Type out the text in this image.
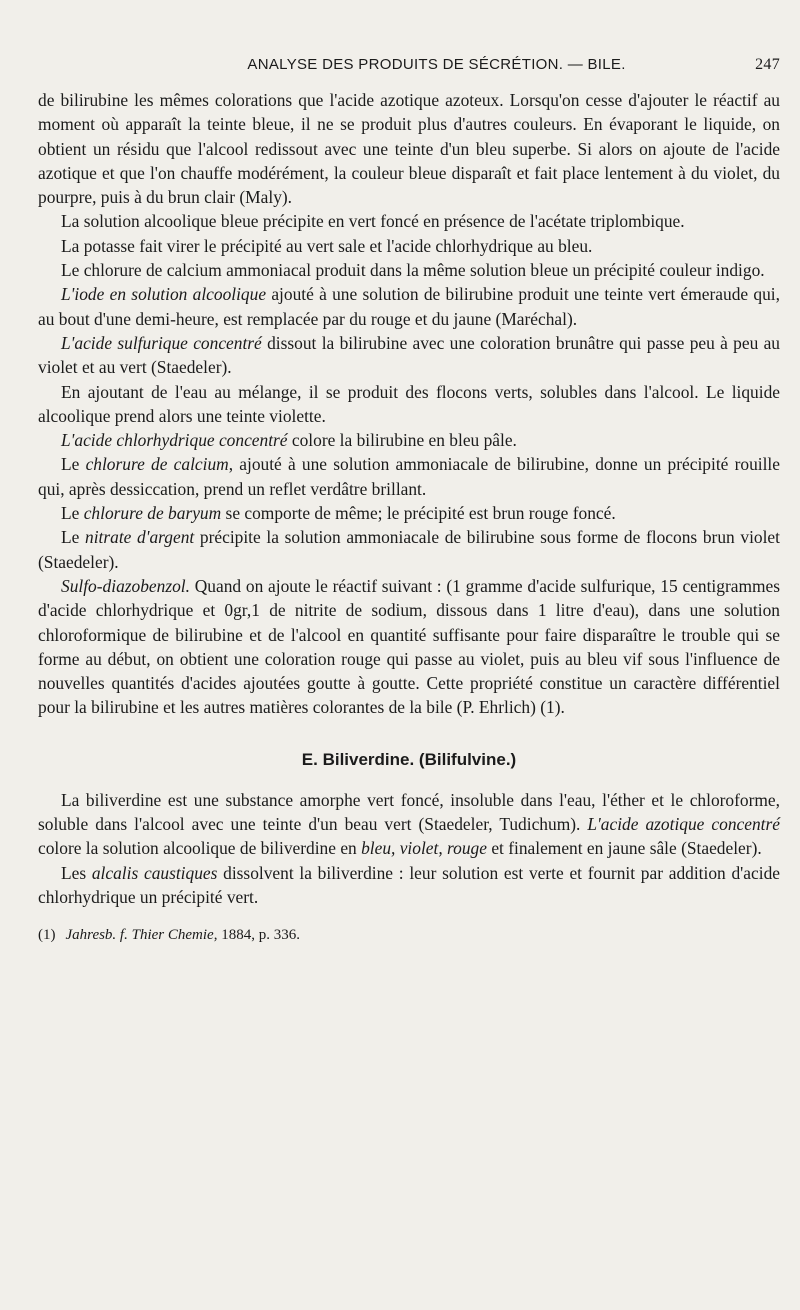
ANALYSE DES PRODUITS DE SÉCRÉTION. — BILE.	247

de bilirubine les mêmes colorations que l'acide azotique azoteux. Lorsqu'on cesse d'ajouter le réactif au moment où apparaît la teinte bleue, il ne se produit plus d'autres couleurs. En évaporant le liquide, on obtient un résidu que l'alcool redissout avec une teinte d'un bleu superbe. Si alors on ajoute de l'acide azotique et que l'on chauffe modérément, la couleur bleue disparaît et fait place lentement à du violet, du pourpre, puis à du brun clair (Maly).

La solution alcoolique bleue précipite en vert foncé en présence de l'acétate triplombique.

La potasse fait virer le précipité au vert sale et l'acide chlorhydrique au bleu.

Le chlorure de calcium ammoniacal produit dans la même solution bleue un précipité couleur indigo.

L'iode en solution alcoolique ajouté à une solution de bilirubine produit une teinte vert émeraude qui, au bout d'une demi-heure, est remplacée par du rouge et du jaune (Maréchal).

L'acide sulfurique concentré dissout la bilirubine avec une coloration brunâtre qui passe peu à peu au violet et au vert (Staedeler).

En ajoutant de l'eau au mélange, il se produit des flocons verts, solubles dans l'alcool. Le liquide alcoolique prend alors une teinte violette.

L'acide chlorhydrique concentré colore la bilirubine en bleu pâle.

Le chlorure de calcium, ajouté à une solution ammoniacale de bilirubine, donne un précipité rouille qui, après dessiccation, prend un reflet verdâtre brillant.

Le chlorure de baryum se comporte de même; le précipité est brun rouge foncé.

Le nitrate d'argent précipite la solution ammoniacale de bilirubine sous forme de flocons brun violet (Staedeler).

Sulfo-diazobenzol. Quand on ajoute le réactif suivant : (1 gramme d'acide sulfurique, 15 centigrammes d'acide chlorhydrique et 0gr,1 de nitrite de sodium, dissous dans 1 litre d'eau), dans une solution chloroformique de bilirubine et de l'alcool en quantité suffisante pour faire disparaître le trouble qui se forme au début, on obtient une coloration rouge qui passe au violet, puis au bleu vif sous l'influence de nouvelles quantités d'acides ajoutées goutte à goutte. Cette propriété constitue un caractère différentiel pour la bilirubine et les autres matières colorantes de la bile (P. Ehrlich) (1).

E. Biliverdine. (Bilifulvine.)

La biliverdine est une substance amorphe vert foncé, insoluble dans l'eau, l'éther et le chloroforme, soluble dans l'alcool avec une teinte d'un beau vert (Staedeler, Tudichum). L'acide azotique concentré colore la solution alcoolique de biliverdine en bleu, violet, rouge et finalement en jaune sâle (Staedeler).

Les alcalis caustiques dissolvent la biliverdine : leur solution est verte et fournit par addition d'acide chlorhydrique un précipité vert.

(1) Jahresb. f. Thier Chemie, 1884, p. 336.
